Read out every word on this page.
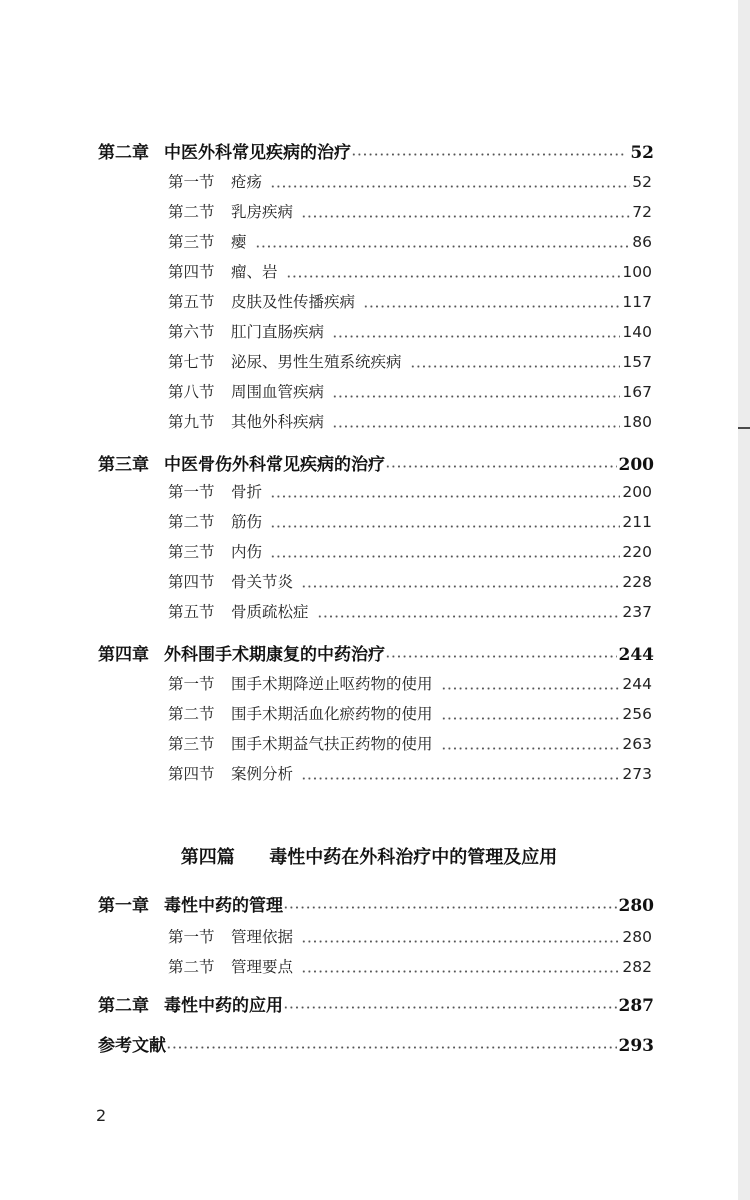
第二章 中医外科常见疾病的治疗	52
第一节	疮疡	52
第二节	乳房疾病	72
第三节	瘿	86
第四节	瘤、岩	100
第五节	皮肤及性传播疾病	117
第六节	肛门直肠疾病	140
第七节	泌尿、男性生殖系统疾病	157
第八节	周围血管疾病	167
第九节	其他外科疾病	180
第三章 中医骨伤外科常见疾病的治疗	200
第一节	骨折	200
第二节	筋伤	211
第三节	内伤	220
第四节	骨关节炎	228
第五节	骨质疏松症	237
第四章 外科围手术期康复的中药治疗	244
第一节	围手术期降逆止呕药物的使用	244
第二节	围手术期活血化瘀药物的使用	256
第三节	围手术期益气扶正药物的使用	263
第四节	案例分析	273
第四篇 毒性中药在外科治疗中的管理及应用
第一章 毒性中药的管理	280
第一节	管理依据	280
第二节	管理要点	282
第二章 毒性中药的应用	287
参考文献	293
2
